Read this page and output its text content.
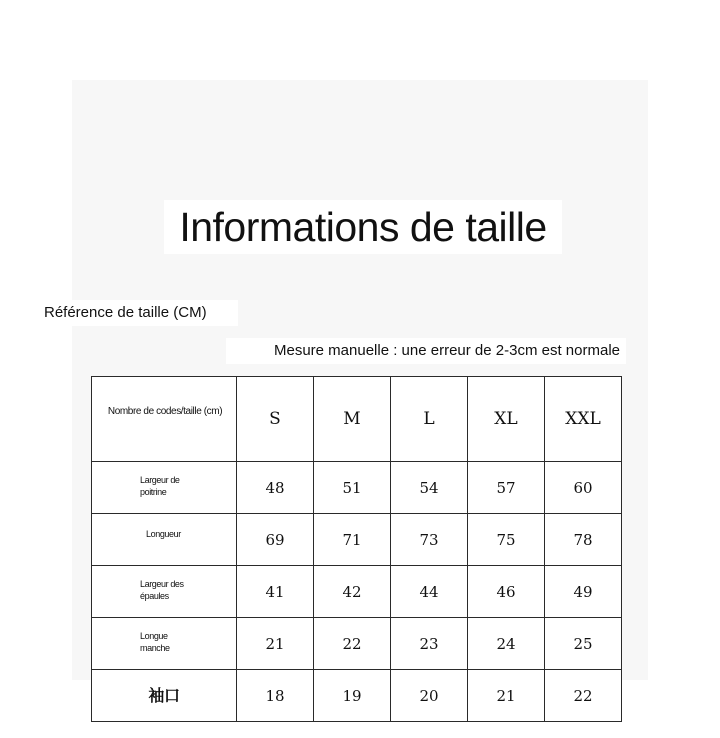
Informations de taille
Référence de taille (CM)
Mesure manuelle : une erreur de 2-3cm est normale
Nombre de codes/taille (cm)	S	M	L	XL	XXL

Largeur de poitrine	48	51	54	57	60

Longueur	69	71	73	75	78

Largeur des épaules	41	42	44	46	49

Longue manche	21	22	23	24	25

袖口	18	19	20	21	22
